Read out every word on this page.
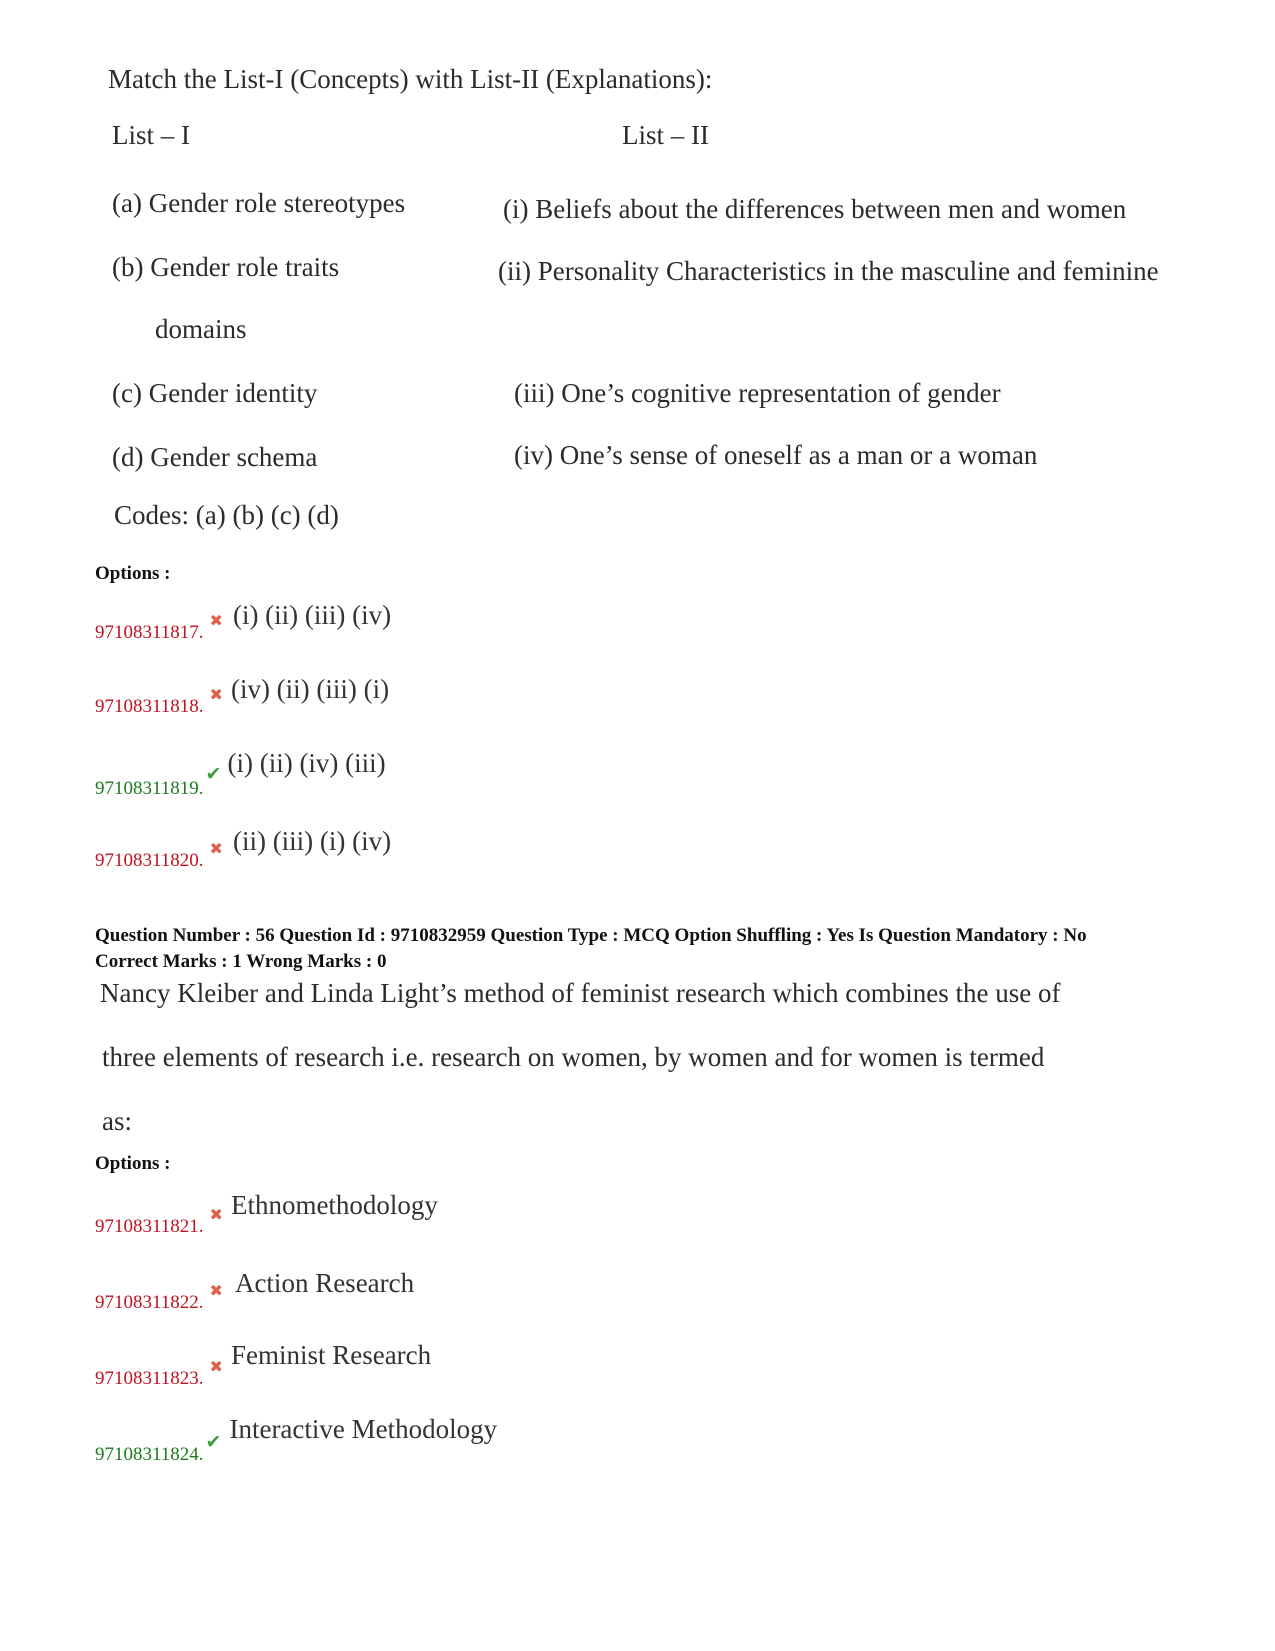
Match the List-I (Concepts) with List-II (Explanations):
List – I	List – II
(a) Gender role stereotypes
(b) Gender role traits
domains
(c) Gender identity
(d) Gender schema
(i) Beliefs about the differences between men and women
(ii) Personality Characteristics in the masculine and feminine
(iii) One’s cognitive representation of gender
(iv) One’s sense of oneself as a man or a woman
Codes: (a) (b) (c) (d)
Options :
97108311817.✖ (i) (ii) (iii) (iv)
97108311818.✖ (iv) (ii) (iii) (i)
97108311819.✔ (i) (ii) (iv) (iii)
97108311820.✖ (ii) (iii) (i) (iv)
Question Number : 56 Question Id : 9710832959 Question Type : MCQ Option Shuffling : Yes Is Question Mandatory : No
Correct Marks : 1 Wrong Marks : 0
Nancy Kleiber and Linda Light’s method of feminist research which combines the use of
three elements of research i.e. research on women, by women and for women is termed
as:
Options :
97108311821.✖ Ethnomethodology
97108311822.✖ Action Research
97108311823.✖ Feminist Research
97108311824.✔ Interactive Methodology
